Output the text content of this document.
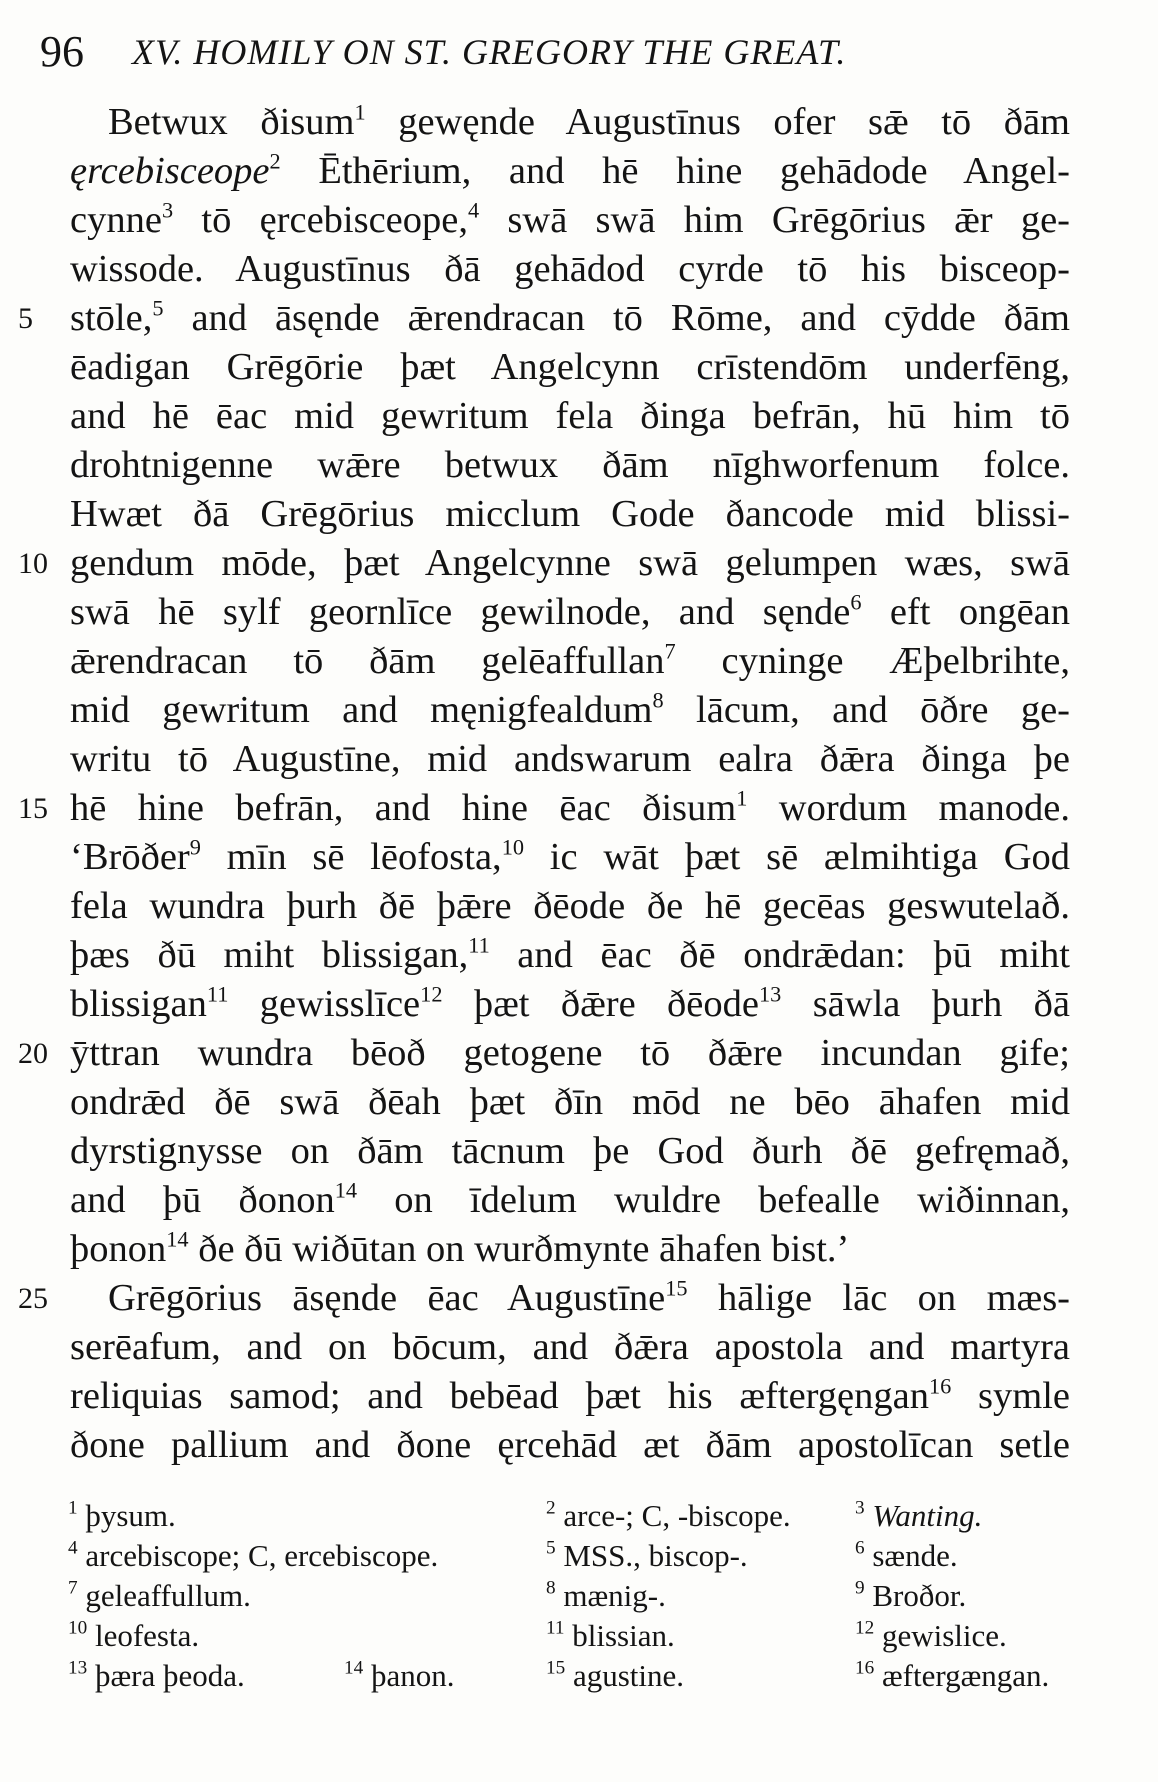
96 XV. HOMILY ON ST. GREGORY THE GREAT.
5
10
15
20
25
Betwux ðisum$^1$ gewęnde Augustīnus ofer sǣ tō ðām
ęrcebisceope$^2$ Ēthērium, and hē hine gehādode Angel-
cynne$^3$ tō ęrcebisceope,$^4$ swā swā him Grēgōrius ǣr ge-
wissode. Augustīnus ðā gehādod cyrde tō his bisceop-
stōle,$^5$ and āsęnde ǣrendracan tō Rōme, and cȳdde ðām
ēadigan Grēgōrie þæt Angelcynn crīstendōm underfēng,
and hē ēac mid gewritum fela ðinga befrān, hū him tō
drohtnigenne wǣre betwux ðām nīghworfenum folce.
Hwæt ðā Grēgōrius micclum Gode ðancode mid blissi-
gendum mōde, þæt Angelcynne swā gelumpen wæs, swā
swā hē sylf geornlīce gewilnode, and sęnde$^6$ eft ongēan
ǣrendracan tō ðām gelēaffullan$^7$ cyninge Æþelbrihte,
mid gewritum and męnigfealdum$^8$ lācum, and ōðre ge-
writu tō Augustīne, mid andswarum ealra ðǣra ðinga þe
hē hine befrān, and hine ēac ðisum$^1$ wordum manode.
‘Brōðer$^9$ mīn sē lēofosta,$^{10}$ ic wāt þæt sē ælmihtiga God
fela wundra þurh ðē þǣre ðēode ðe hē gecēas geswutelað.
þæs ðū miht blissigan,$^{11}$ and ēac ðē ondrǣdan: þū miht
blissigan$^{11}$ gewisslīce$^{12}$ þæt ðǣre ðēode$^{13}$ sāwla þurh ðā
ȳttran wundra bēoð getogene tō ðǣre incundan gife;
ondrǣd ðē swā ðēah þæt ðīn mōd ne bēo āhafen mid
dyrstignysse on ðām tācnum þe God ðurh ðē gefręmað,
and þū ðonon$^{14}$ on īdelum wuldre befealle wiðinnan,
þonon$^{14}$ ðe ðū wiðūtan on wurðmynte āhafen bist.’
Grēgōrius āsęnde ēac Augustīne$^{15}$ hālige lāc on mæs-
serēafum, and on bōcum, and ðǣra apostola and martyra
reliquias samod; and bebēad þæt his æftergęngan$^{16}$ symle
ðone pallium and ðone ęrcehād æt ðām apostolīcan setle
$^1$ þysum.	$^2$ arce-; C, -biscope.	$^3$ Wanting.
$^4$ arcebiscope; C, ercebiscope.	$^5$ MSS., biscop-.	$^6$ sænde.
$^7$ geleaffullum.	$^8$ mænig-.	$^9$ Broðor.
$^{10}$ leofesta.	$^{11}$ blissian.	$^{12}$ gewislice.
$^{13}$ þæra þeoda.	$^{14}$ þanon.	$^{15}$ agustine.	$^{16}$ æftergængan.
